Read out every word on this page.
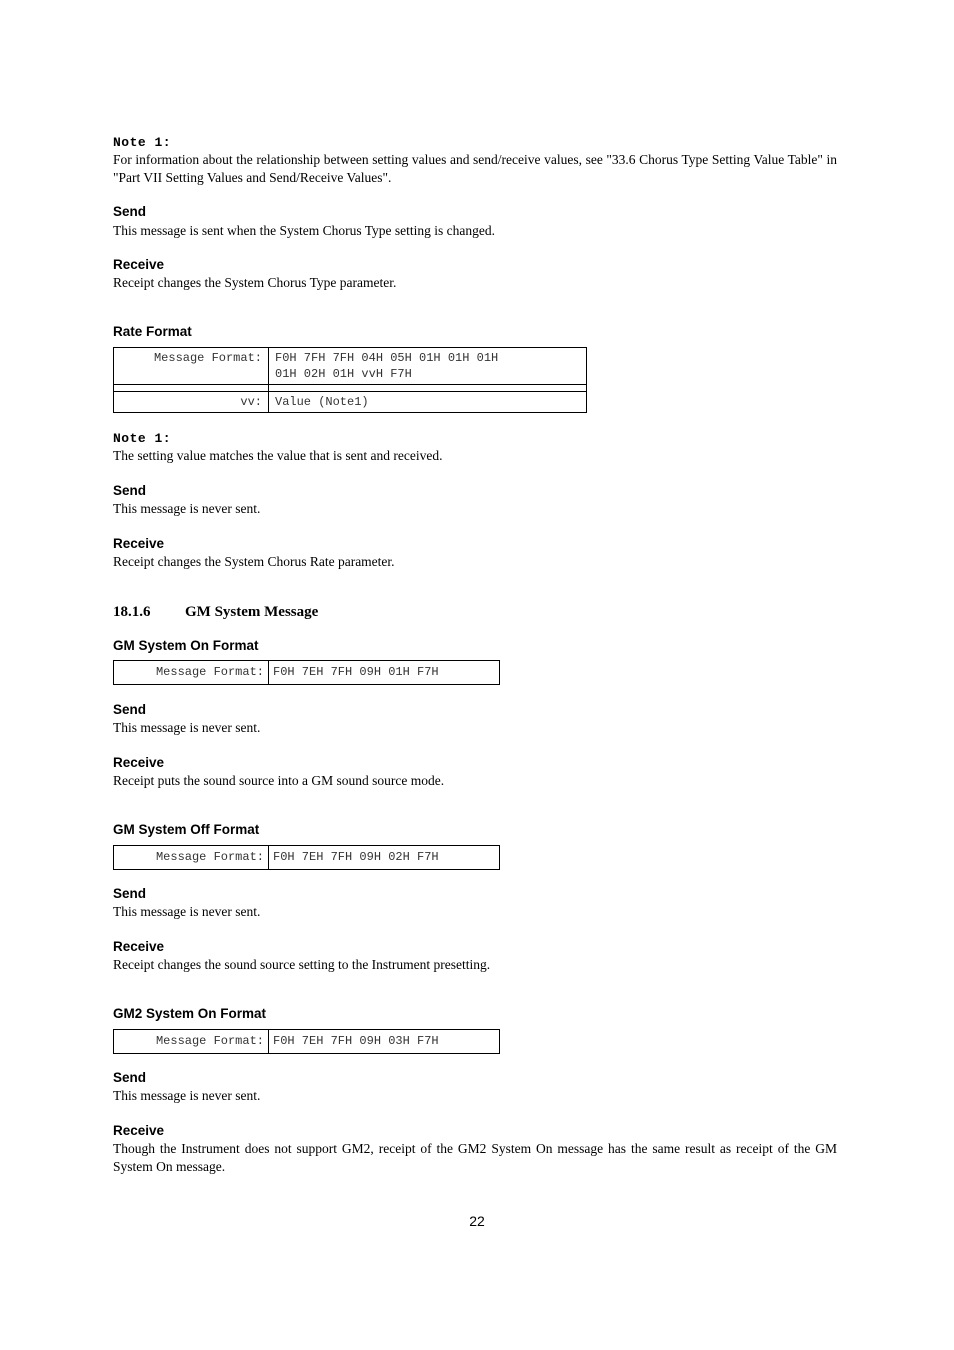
Note 1:
For information about the relationship between setting values and send/receive values, see "33.6 Chorus Type Setting Value Table" in "Part VII Setting Values and Send/Receive Values".
Send
This message is sent when the System Chorus Type setting is changed.
Receive
Receipt changes the System Chorus Type parameter.
Rate Format
Message Format:	F0H 7FH 7FH 04H 05H 01H 01H 01H
01H 02H 01H vvH F7H

vv:	Value (Note1)
Note 1:
The setting value matches the value that is sent and received.
Send
This message is never sent.
Receive
Receipt changes the System Chorus Rate parameter.
18.1.6 GM System Message
GM System On Format
Message Format:	F0H 7EH 7FH 09H 01H F7H
Send
This message is never sent.
Receive
Receipt puts the sound source into a GM sound source mode.
GM System Off Format
Message Format:	F0H 7EH 7FH 09H 02H F7H
Send
This message is never sent.
Receive
Receipt changes the sound source setting to the Instrument presetting.
GM2 System On Format
Message Format:	F0H 7EH 7FH 09H 03H F7H
Send
This message is never sent.
Receive
Though the Instrument does not support GM2, receipt of the GM2 System On message has the same result as receipt of the GM System On message.
22
